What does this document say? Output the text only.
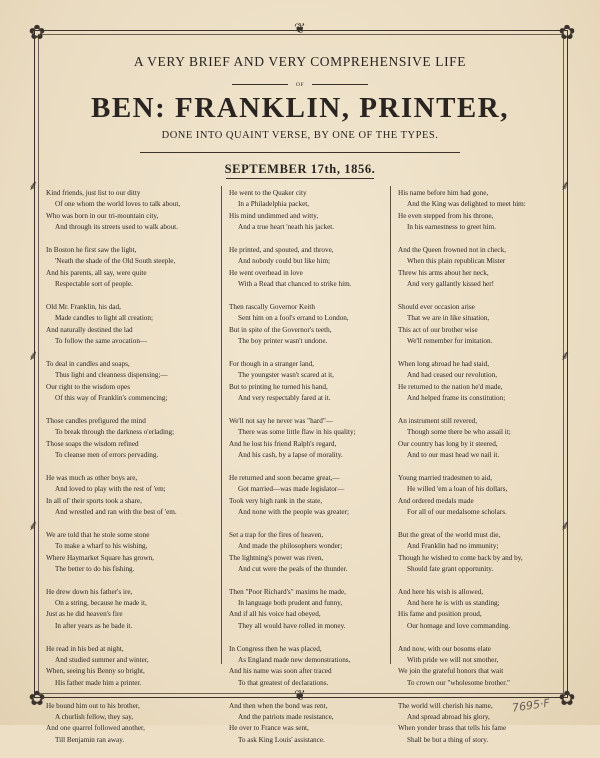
✿	✿
✿	✿
❦
❦
⸙
⸙
⸙
⸙
⸙
⸙
A VERY BRIEF AND VERY COMPREHENSIVE LIFE
OF
BEN: FRANKLIN, PRINTER,
DONE INTO QUAINT VERSE, BY ONE OF THE TYPES.
SEPTEMBER 17th, 1856.
Kind friends, just list to our ditty
Of one whom the world loves to talk about,
Who was born in our tri-mountain city,
And through its streets used to walk about.
In Boston he first saw the light,
'Neath the shade of the Old South steeple,
And his parents, all say, were quite
Respectable sort of people.
Old Mr. Franklin, his dad,
Made candles to light all creation;
And naturally destined the lad
To follow the same avocation—
To deal in candles and soaps,
Thus light and cleanness dispensing;—
Our right to the wisdom opes
Of this way of Franklin's commencing;
Those candles prefigured the mind
To break through the darkness o'erlading;
Those soaps the wisdom refined
To cleanse men of errors pervading.
He was much as other boys are,
And loved to play with the rest of 'em;
In all ol' their sports took a share,
And wrestled and ran with the best of 'em.
We are told that he stole some stone
To make a wharf to his wishing,
Where Haymarket Square has grown,
The better to do his fishing.
He drew down his father's ire,
On a string, because he made it,
Just as he did heaven's fire
In after years as he bade it.
He read in his bed at night,
And studied summer and winter,
When, seeing his Benny so bright,
His father made him a printer.
He bound him out to his brother,
A churlish fellow, they say,
And one quarrel followed another,
Till Benjamin ran away.
He went to the Quaker city
In a Philadelphia packet,
His mind undimmed and witty,
And a true heart 'neath his jacket.
He printed, and spouted, and throve,
And nobody could but like him;
He went overhead in love
With a Read that chanced to strike him.
Then rascally Governor Keith
Sent him on a fool's errand to London,
But in spite of the Governor's teeth,
The boy printer wasn't undone.
For though in a stranger land,
The youngster wasn't scared at it,
But to printing he turned his hand,
And very respectably fared at it.
We'll not say he never was "hard"—
There was some little flaw in his quality;
And he lost his friend Ralph's regard,
And his cash, by a lapse of morality.
He returned and soon became great,—
Got married—was made legislator—
Took very high rank in the state,
And none with the people was greater;
Set a trap for the fires of heaven,
And made the philosophers wonder;
The lightning's power was riven,
And cut were the peals of the thunder.
Then "Poor Richard's" maxims he made,
In language both prudent and funny,
And if all his voice had obeyed,
They all would have rolled in money.
In Congress then he was placed,
As England made new demonstrations,
And his name was soon after traced
To that greatest of declarations.
And then when the bond was rent,
And the patriots made resistance,
He over to France was sent,
To ask King Louis' assistance.
His name before him had gone,
And the King was delighted to meet him:
He even stepped from his throne,
In his earnestness to greet him.
And the Queen frowned not in check,
When this plain republican Mister
Threw his arms about her neck,
And very gallantly kissed her!
Should ever occasion arise
That we are in like situation,
This act of our brother wise
We'll remember for imitation.
When long abroad he had staid,
And had ceased our revolution,
He returned to the nation he'd made,
And helped frame its constitution;
An instrument still revered,
Though some there be who assail it;
Our country has long by it steered,
And to our mast head we nail it.
Young married tradesmen to aid,
He willed 'em a loan of his dollars,
And ordered medals made
For all of our medalsome scholars.
But the great of the world must die,
And Franklin had no immunity;
Though he wished to come back by and by,
Should fate grant opportunity.
And here his wish is allowed,
And here he is with us standing;
His fame and position proud,
Our homage and love commanding.
And now, with our bosoms elate
With pride we will not smother,
We join the grateful honors that wait
To crown our "wholesome brother."
The world will cherish his name,
And spread abroad his glory,
When yonder brass that tells his fame
Shall be but a thing of story.
7695·F
